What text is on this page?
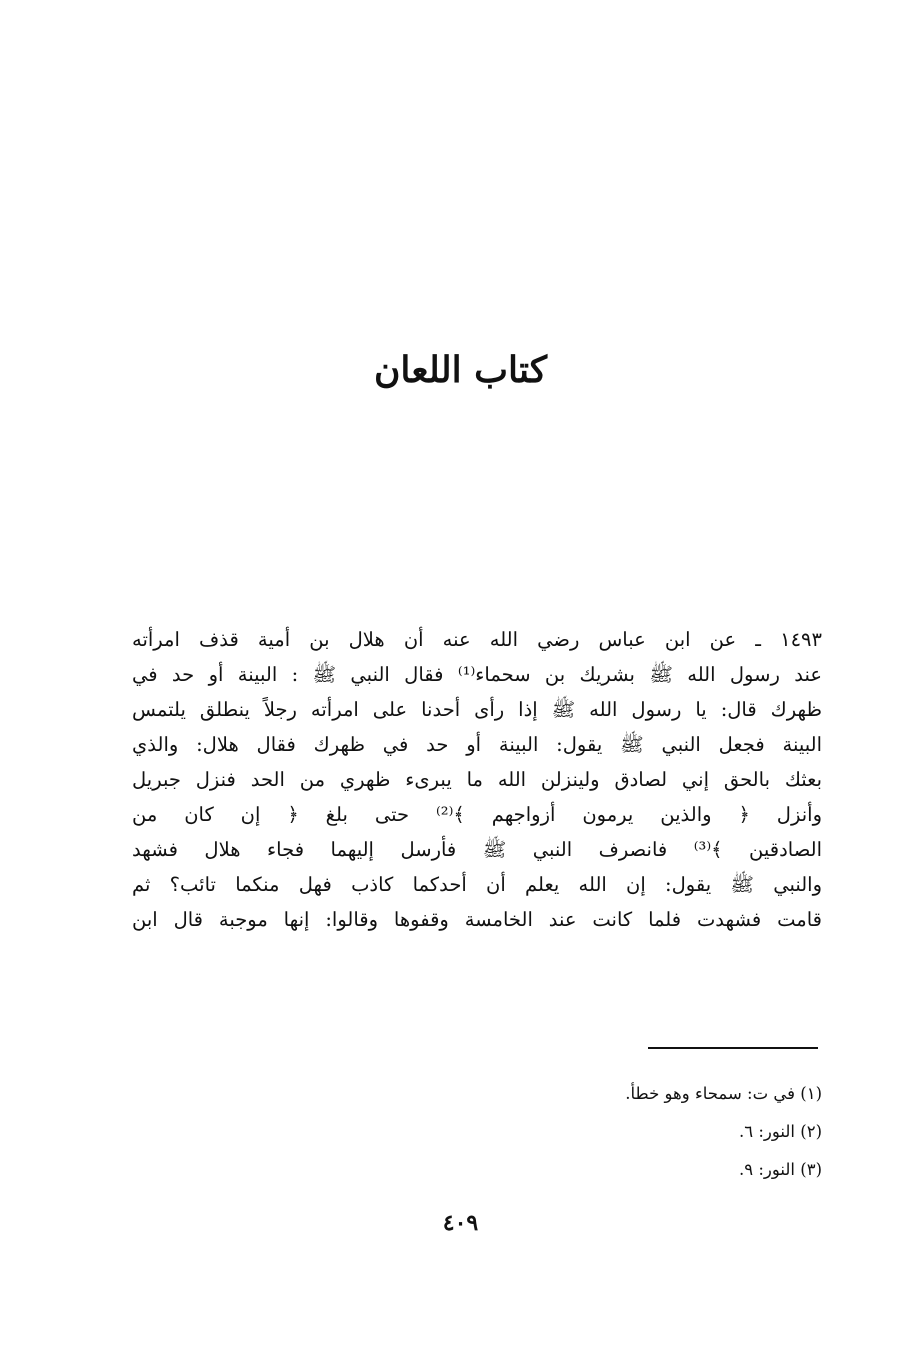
كتاب اللعان
١٤٩٣ ـ عن ابن عباس رضي الله عنه أن هلال بن أمية قذف امرأته
عند رسول الله ﷺ بشريك بن سحماء⁽¹⁾ فقال النبي ﷺ : البينة أو حد في
ظهرك قال: يا رسول الله ﷺ إذا رأى أحدنا على امرأته رجلاً ينطلق يلتمس
البينة فجعل النبي ﷺ يقول: البينة أو حد في ظهرك فقال هلال: والذي
بعثك بالحق إني لصادق ولينزلن الله ما يبرىء ظهري من الحد فنزل جبريل
وأنزل ﴿ والذين يرمون أزواجهم ﴾⁽²⁾ حتى بلغ ﴿ إن كان من
الصادقين ﴾⁽³⁾ فانصرف النبي ﷺ فأرسل إليهما فجاء هلال فشهد
والنبي ﷺ يقول: إن الله يعلم أن أحدكما كاذب فهل منكما تائب؟ ثم
قامت فشهدت فلما كانت عند الخامسة وقفوها وقالوا: إنها موجبة قال ابن
(١) في ت: سمحاء وهو خطأ.
(٢) النور: ٦.
(٣) النور: ٩.
٤٠٩
